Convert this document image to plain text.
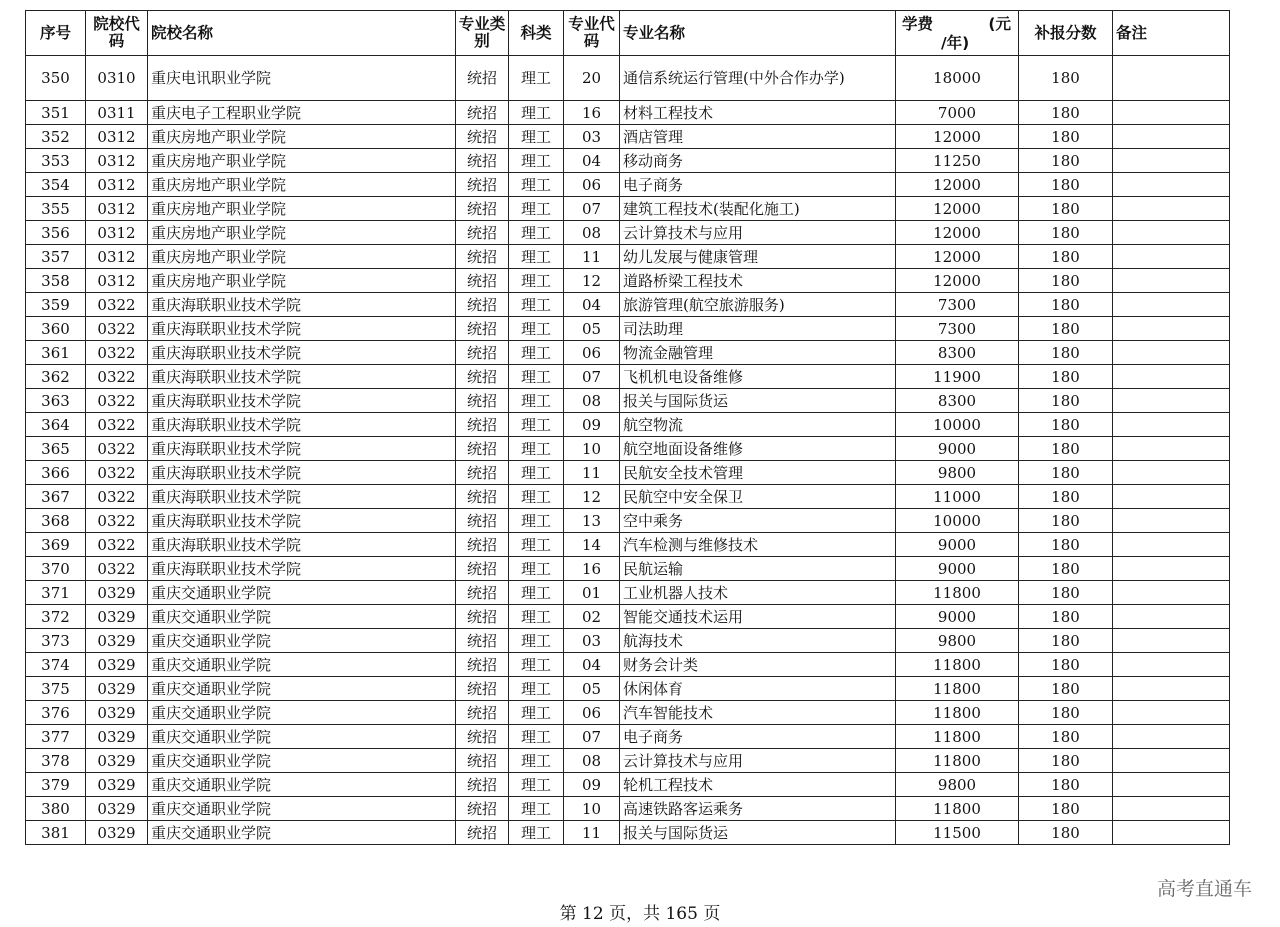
序号	院校代码	院校名称	专业类别	科类	专业代码	专业名称	学费 (元
/年)	补报分数	备注
350	0310	重庆电讯职业学院	统招	理工	20	通信系统运行管理(中外合作办学)	18000	180	
351	0311	重庆电子工程职业学院	统招	理工	16	材料工程技术	7000	180	
352	0312	重庆房地产职业学院	统招	理工	03	酒店管理	12000	180	
353	0312	重庆房地产职业学院	统招	理工	04	移动商务	11250	180	
354	0312	重庆房地产职业学院	统招	理工	06	电子商务	12000	180	
355	0312	重庆房地产职业学院	统招	理工	07	建筑工程技术(装配化施工)	12000	180	
356	0312	重庆房地产职业学院	统招	理工	08	云计算技术与应用	12000	180	
357	0312	重庆房地产职业学院	统招	理工	11	幼儿发展与健康管理	12000	180	
358	0312	重庆房地产职业学院	统招	理工	12	道路桥梁工程技术	12000	180	
359	0322	重庆海联职业技术学院	统招	理工	04	旅游管理(航空旅游服务)	7300	180	
360	0322	重庆海联职业技术学院	统招	理工	05	司法助理	7300	180	
361	0322	重庆海联职业技术学院	统招	理工	06	物流金融管理	8300	180	
362	0322	重庆海联职业技术学院	统招	理工	07	飞机机电设备维修	11900	180	
363	0322	重庆海联职业技术学院	统招	理工	08	报关与国际货运	8300	180	
364	0322	重庆海联职业技术学院	统招	理工	09	航空物流	10000	180	
365	0322	重庆海联职业技术学院	统招	理工	10	航空地面设备维修	9000	180	
366	0322	重庆海联职业技术学院	统招	理工	11	民航安全技术管理	9800	180	
367	0322	重庆海联职业技术学院	统招	理工	12	民航空中安全保卫	11000	180	
368	0322	重庆海联职业技术学院	统招	理工	13	空中乘务	10000	180	
369	0322	重庆海联职业技术学院	统招	理工	14	汽车检测与维修技术	9000	180	
370	0322	重庆海联职业技术学院	统招	理工	16	民航运输	9000	180	
371	0329	重庆交通职业学院	统招	理工	01	工业机器人技术	11800	180	
372	0329	重庆交通职业学院	统招	理工	02	智能交通技术运用	9000	180	
373	0329	重庆交通职业学院	统招	理工	03	航海技术	9800	180	
374	0329	重庆交通职业学院	统招	理工	04	财务会计类	11800	180	
375	0329	重庆交通职业学院	统招	理工	05	休闲体育	11800	180	
376	0329	重庆交通职业学院	统招	理工	06	汽车智能技术	11800	180	
377	0329	重庆交通职业学院	统招	理工	07	电子商务	11800	180	
378	0329	重庆交通职业学院	统招	理工	08	云计算技术与应用	11800	180	
379	0329	重庆交通职业学院	统招	理工	09	轮机工程技术	9800	180	
380	0329	重庆交通职业学院	统招	理工	10	高速铁路客运乘务	11800	180	
381	0329	重庆交通职业学院	统招	理工	11	报关与国际货运	11500	180	
第 12 页，共 165 页
高考直通车
